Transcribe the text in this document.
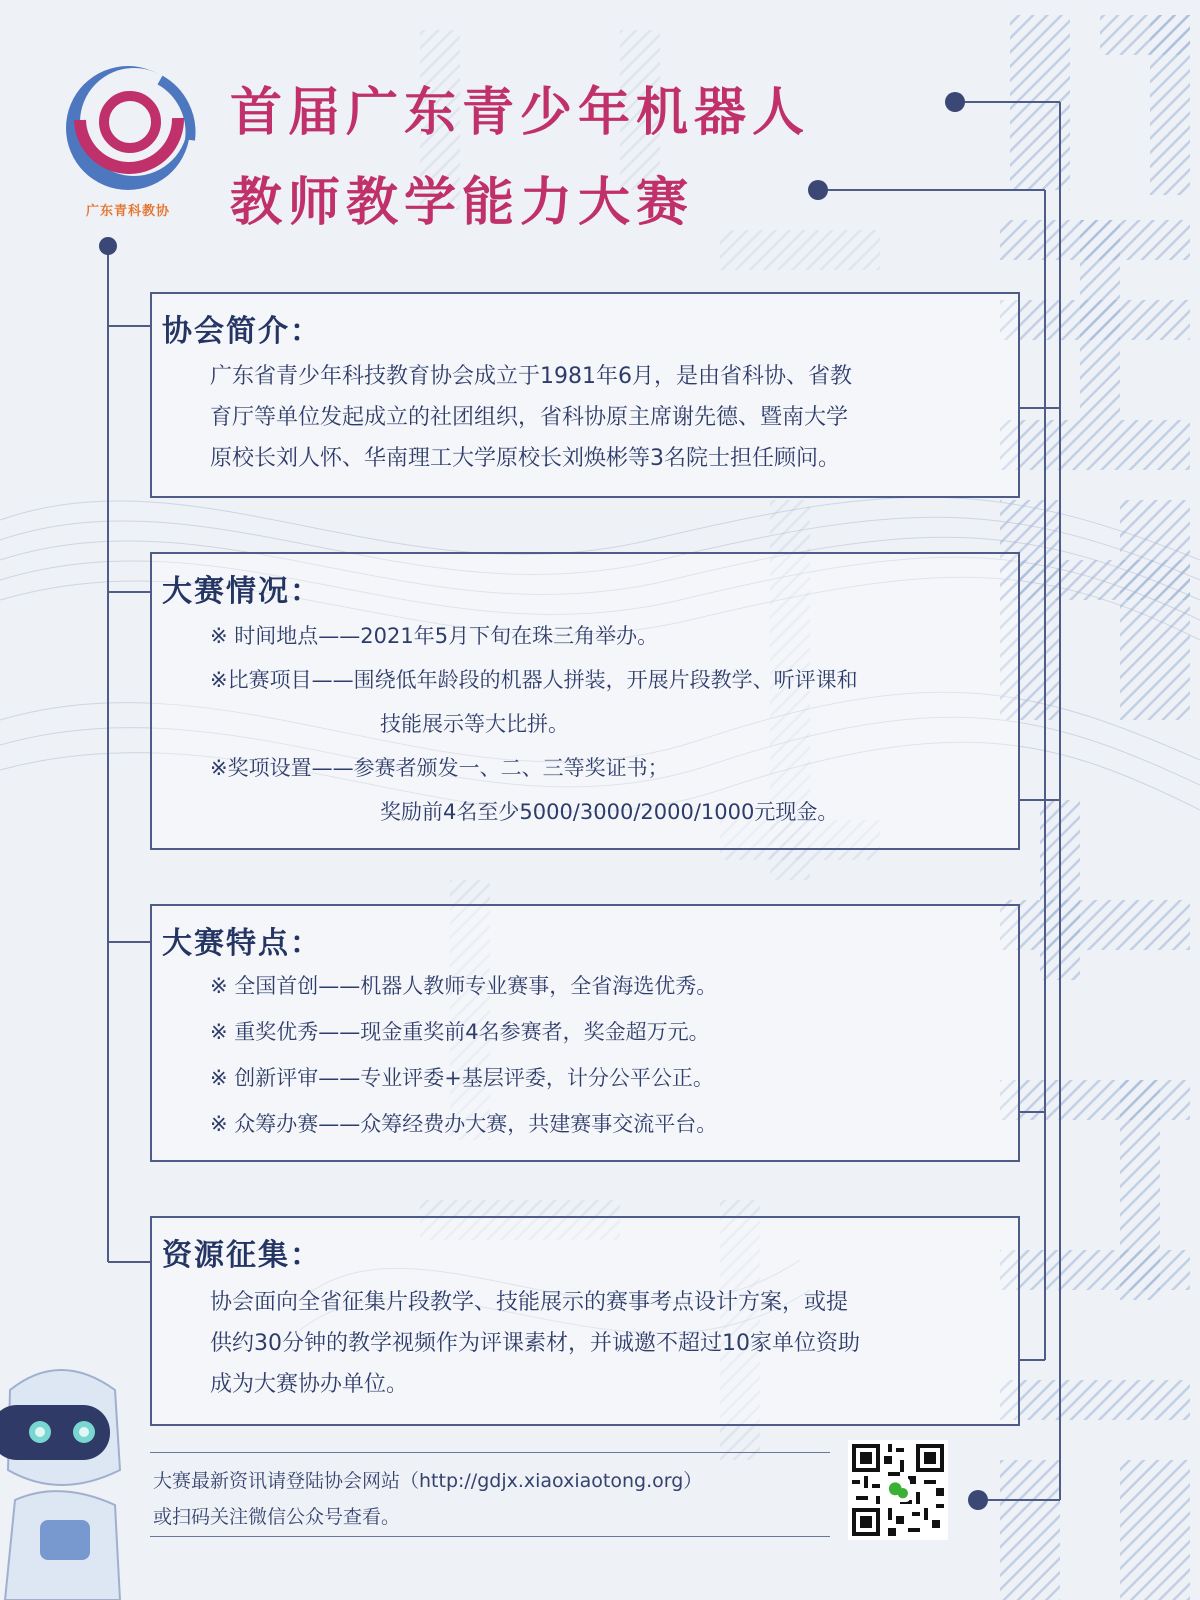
广东青科教协
首届广东青少年机器人
教师教学能力大赛
协会简介：
广东省青少年科技教育协会成立于1981年6月，是由省科协、省教
育厅等单位发起成立的社团组织，省科协原主席谢先德、暨南大学
原校长刘人怀、华南理工大学原校长刘焕彬等3名院士担任顾问。
大赛情况：
※ 时间地点——2021年5月下旬在珠三角举办。
※比赛项目——围绕低年龄段的机器人拼装，开展片段教学、听评课和
技能展示等大比拼。
※奖项设置——参赛者颁发一、二、三等奖证书；
奖励前4名至少5000/3000/2000/1000元现金。
大赛特点：
※ 全国首创——机器人教师专业赛事，全省海选优秀。
※ 重奖优秀——现金重奖前4名参赛者，奖金超万元。
※ 创新评审——专业评委+基层评委，计分公平公正。
※ 众筹办赛——众筹经费办大赛，共建赛事交流平台。
资源征集：
协会面向全省征集片段教学、技能展示的赛事考点设计方案，或提
供约30分钟的教学视频作为评课素材，并诚邀不超过10家单位资助
成为大赛协办单位。
大赛最新资讯请登陆协会网站（http://gdjx.xiaoxiaotong.org）
或扫码关注微信公众号查看。
